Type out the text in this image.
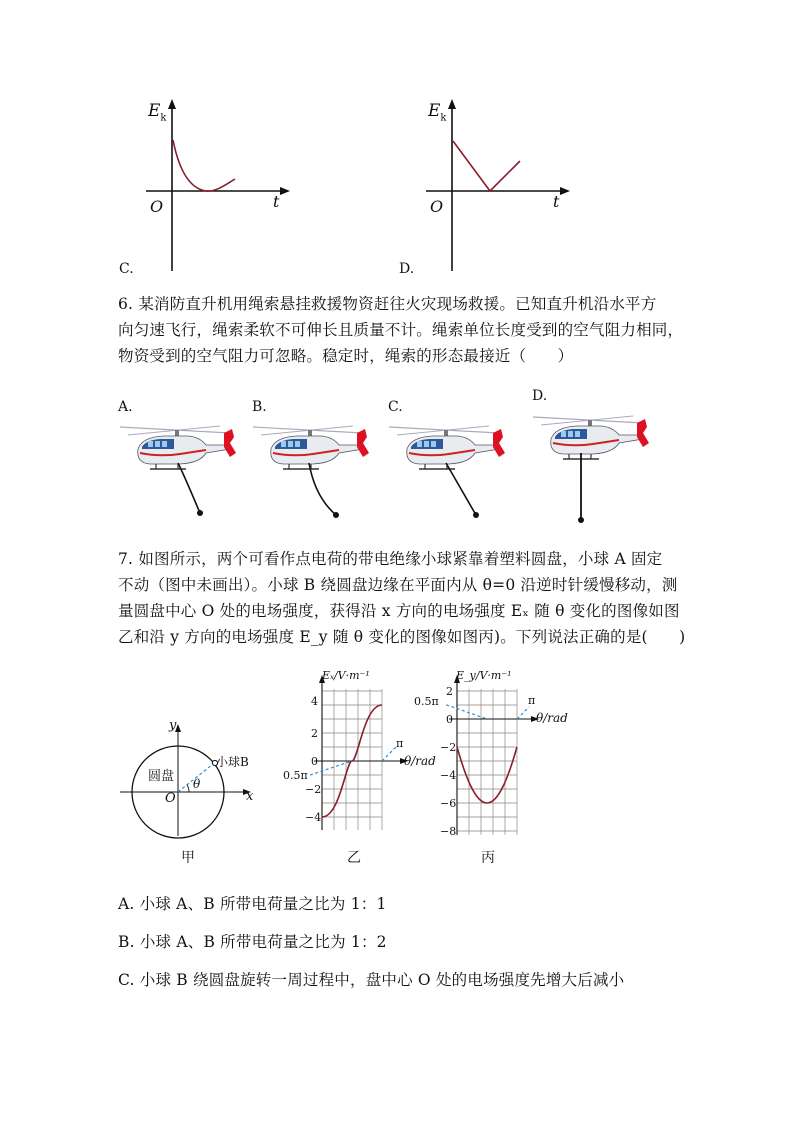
$E_k$
O	t
C.
$E_k$
O	t
D.
6. 某消防直升机用绳索悬挂救援物资赶往火灾现场救援。已知直升机沿水平方
向匀速飞行，绳索柔软不可伸长且质量不计。绳索单位长度受到的空气阻力相同，
物资受到的空气阻力可忽略。稳定时，绳索的形态最接近（　　）
A.	B.	C.
D.
7. 如图所示，两个可看作点电荷的带电绝缘小球紧靠着塑料圆盘，小球 A 固定
不动（图中未画出）。小球 B 绕圆盘边缘在平面内从 θ=0 沿逆时针缓慢移动，测
量圆盘中心 O 处的电场强度，获得沿 x 方向的电场强度 Eₓ 随 θ 变化的图像如图
乙和沿 y 方向的电场强度 E_y 随 θ 变化的图像如图丙)。下列说法正确的是(　　)
y
x
圆盘
小球B
O
θ
甲
Eₓ/V·m⁻¹
4
2
0
−2
−4
0.5π
π
θ/rad
乙
E_y/V·m⁻¹
2
0
−2
−4
−6
−8
0.5π	π
θ/rad
丙
A. 小球 A、B 所带电荷量之比为 1：1
B. 小球 A、B 所带电荷量之比为 1：2
C. 小球 B 绕圆盘旋转一周过程中，盘中心 O 处的电场强度先增大后减小
